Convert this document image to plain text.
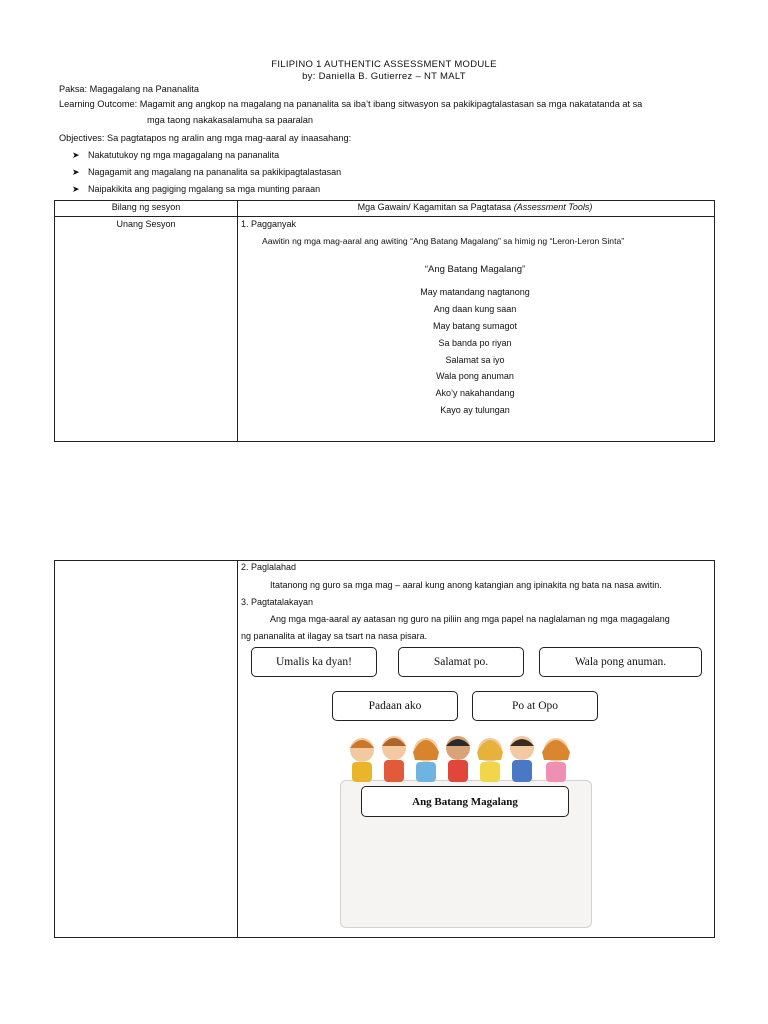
FILIPINO 1 AUTHENTIC ASSESSMENT MODULE
by: Daniella B. Gutierrez – NT MALT
Paksa: Magagalang na Pananalita
Learning Outcome: Magamit ang angkop na magalang na pananalita sa iba’t ibang sitwasyon sa pakikipagtalastasan sa mga nakatatanda at sa
mga taong nakakasalamuha sa paaralan
Objectives: Sa pagtatapos ng aralin ang mga mag-aaral ay inaasahang:
➤ Nakatutukoy ng mga magagalang na pananalita
➤ Nagagamit ang magalang na pananalita sa pakikipagtalastasan
➤ Naipakikita ang pagiging mgalang sa mga munting paraan
Bilang ng sesyon	Mga Gawain/ Kagamitan sa Pagtatasa (Assessment Tools)
Unang Sesyon	1. Pagganyak
Aawitin ng mga mag-aaral ang awiting “Ang Batang Magalang” sa himig ng “Leron-Leron Sinta”
“Ang Batang Magalang”
May matandang nagtanong
Ang daan kung saan
May batang sumagot
Sa banda po riyan
Salamat sa iyo
Wala pong anuman
Ako’y nakahandang
Kayo ay tulungan
2. Paglalahad
Itatanong ng guro sa mga mag – aaral kung anong katangian ang ipinakita ng bata na nasa awitin.
3. Pagtatalakayan
Ang mga mga-aaral ay aatasan ng guro na piliin ang mga papel na naglalaman ng mga magagalang
ng pananalita at ilagay sa tsart na nasa pisara.
Umalis ka dyan!	Salamat po.	Wala pong anuman.
Padaan ako	Po at Opo
Ang Batang Magalang
